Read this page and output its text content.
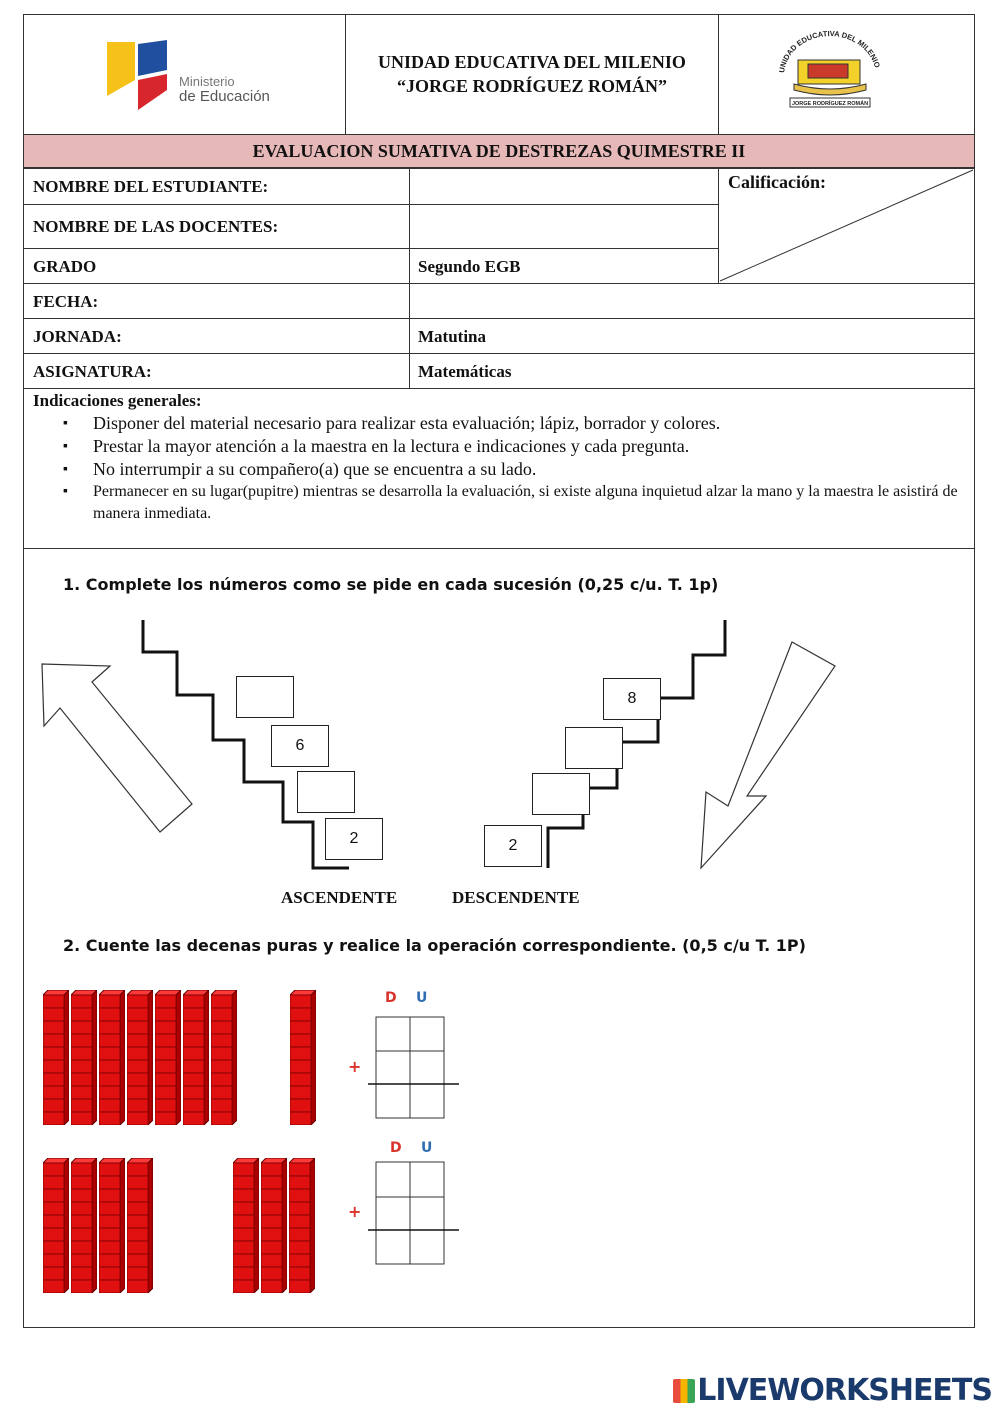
Ministerio
de Educación
UNIDAD EDUCATIVA DEL MILENIO
“JORGE RODRÍGUEZ ROMÁN”
UNIDAD EDUCATIVA DEL MILENIO
JORGE RODRÍGUEZ ROMÁN
EVALUACION SUMATIVA DE DESTREZAS QUIMESTRE II
NOMBRE DEL ESTUDIANTE:
NOMBRE DE LAS DOCENTES:
GRADO	Segundo EGB
Calificación:
FECHA:
JORNADA:	Matutina
ASIGNATURA:	Matemáticas
Indicaciones generales:
▪ Disponer del material necesario para realizar esta evaluación; lápiz, borrador y colores.
▪ Prestar la mayor atención a la maestra en la lectura e indicaciones y cada pregunta.
▪ No interrumpir a su compañero(a) que se encuentra a su lado.
▪ Permanecer en su lugar(pupitre) mientras se desarrolla la evaluación, si existe alguna inquietud alzar la mano y la maestra le asistirá de manera inmediata.
1. Complete los números como se pide en cada sucesión (0,25 c/u. T. 1p)
6
2
8
2
ASCENDENTE	DESCENDENTE
2. Cuente las decenas puras y realice la operación correspondiente. (0,5 c/u T. 1P)
D U
+
D U
+
LIVEWORKSHEETS
